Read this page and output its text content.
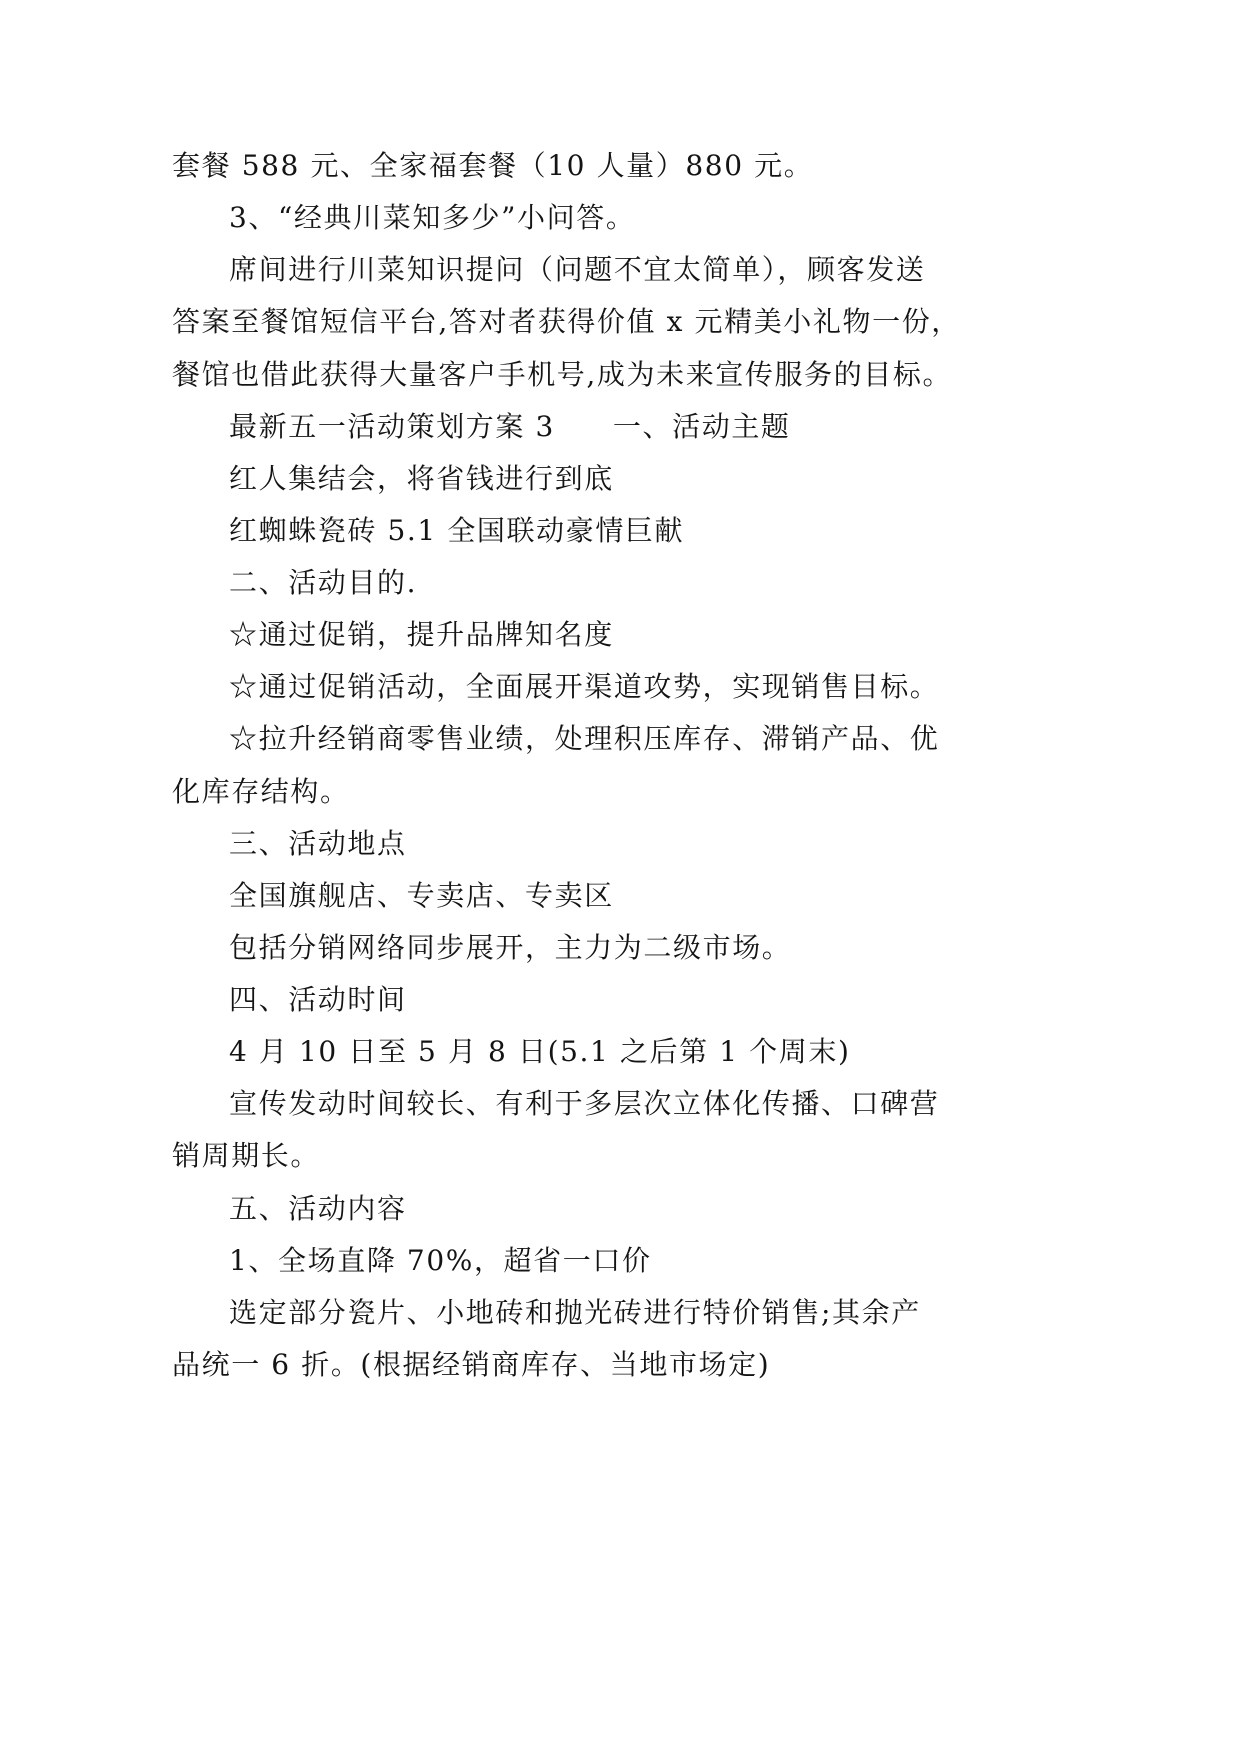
套餐 588 元、全家福套餐（10 人量）880 元。
3、“经典川菜知多少”小问答。
席间进行川菜知识提问（问题不宜太简单），顾客发送
答案至餐馆短信平台,答对者获得价值 x 元精美小礼物一份，
餐馆也借此获得大量客户手机号,成为未来宣传服务的目标。
最新五一活动策划方案 3 一、活动主题
红人集结会，将省钱进行到底
红蜘蛛瓷砖 5.1 全国联动豪情巨献
二、活动目的.
☆通过促销，提升品牌知名度
☆通过促销活动，全面展开渠道攻势，实现销售目标。
☆拉升经销商零售业绩，处理积压库存、滞销产品、优
化库存结构。
三、活动地点
全国旗舰店、专卖店、专卖区
包括分销网络同步展开，主力为二级市场。
四、活动时间
4 月 10 日至 5 月 8 日(5.1 之后第 1 个周末)
宣传发动时间较长、有利于多层次立体化传播、口碑营
销周期长。
五、活动内容
1、全场直降 70%，超省一口价
选定部分瓷片、小地砖和抛光砖进行特价销售;其余产
品统一 6 折。(根据经销商库存、当地市场定)
